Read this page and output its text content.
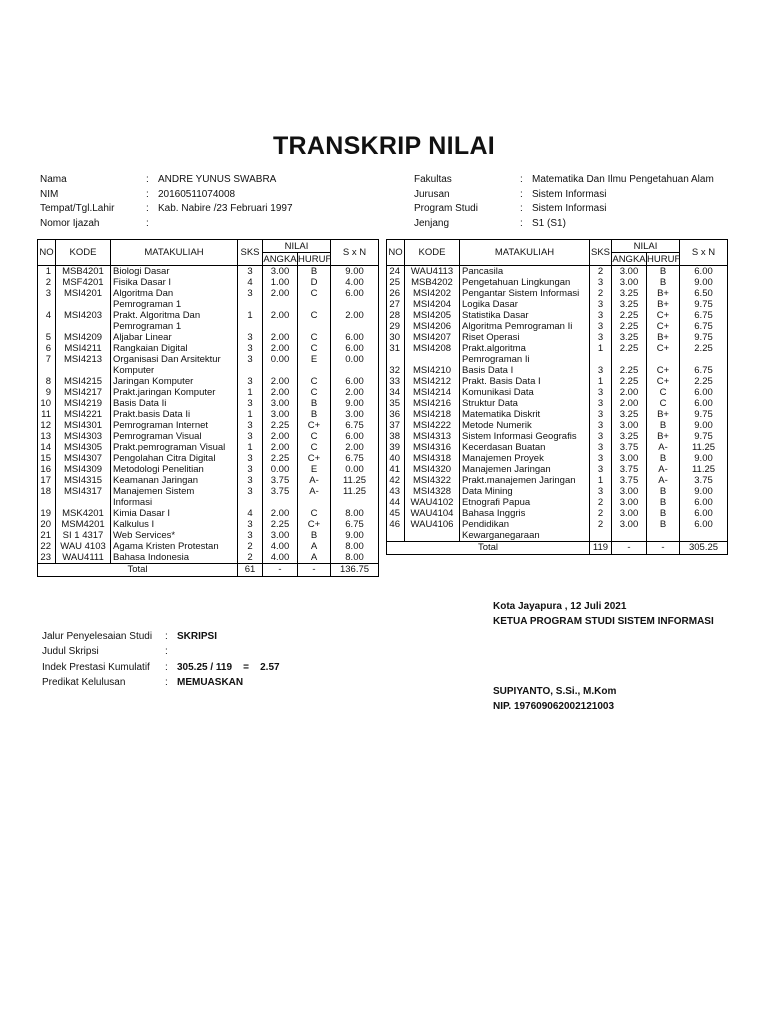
TRANSKRIP NILAI
Nama	: ANDRE YUNUS SWABRA
NIM	: 20160511074008
Tempat/Tgl.Lahir	: Kab. Nabire /23 Februari 1997
Nomor Ijazah	:
Fakultas	: Matematika Dan Ilmu Pengetahuan Alam
Jurusan	: Sistem Informasi
Program Studi	: Sistem Informasi
Jenjang	: S1 (S1)
NO	KODE	MATAKULIAH	SKS	NILAI		S x N
				ANGKA	HURUF	
1	MSB4201	Biologi Dasar	3	3.00	B	9.00
2	MSF4201	Fisika Dasar I	4	1.00	D	4.00
3	MSI4201	Algoritma Dan Pemrograman 1	3	2.00	C	6.00
4	MSI4203	Prakt. Algoritma Dan Pemrograman 1	1	2.00	C	2.00
5	MSI4209	Aljabar Linear	3	2.00	C	6.00
6	MSI4211	Rangkaian Digital	3	2.00	C	6.00
7	MSI4213	Organisasi Dan Arsitektur Komputer	3	0.00	E	0.00
8	MSI4215	Jaringan Komputer	3	2.00	C	6.00
9	MSI4217	Prakt.jaringan Komputer	1	2.00	C	2.00
10	MSI4219	Basis Data Ii	3	3.00	B	9.00
11	MSI4221	Prakt.basis Data Ii	1	3.00	B	3.00
12	MSI4301	Pemrograman Internet	3	2.25	C+	6.75
13	MSI4303	Pemrograman Visual	3	2.00	C	6.00
14	MSI4305	Prakt.pemrograman Visual	1	2.00	C	2.00
15	MSI4307	Pengolahan Citra Digital	3	2.25	C+	6.75
16	MSI4309	Metodologi Penelitian	3	0.00	E	0.00
17	MSI4315	Keamanan Jaringan	3	3.75	A-	11.25
18	MSI4317	Manajemen Sistem Informasi	3	3.75	A-	11.25
19	MSK4201	Kimia Dasar I	4	2.00	C	8.00
20	MSM4201	Kalkulus I	3	2.25	C+	6.75
21	SI 1 4317	Web Services*	3	3.00	B	9.00
22	WAU 4103	Agama Kristen Protestan	2	4.00	A	8.00
23	WAU4111	Bahasa Indonesia	2	4.00	A	8.00
Total			61	-	-	136.75
NO	KODE	MATAKULIAH	SKS	NILAI		S x N
				ANGKA	HURUF	
24	WAU4113	Pancasila	2	3.00	B	6.00
25	MSB4202	Pengetahuan Lingkungan	3	3.00	B	9.00
26	MSI4202	Pengantar Sistem Informasi	2	3.25	B+	6.50
27	MSI4204	Logika Dasar	3	3.25	B+	9.75
28	MSI4205	Statistika Dasar	3	2.25	C+	6.75
29	MSI4206	Algoritma Pemrograman Ii	3	2.25	C+	6.75
30	MSI4207	Riset Operasi	3	3.25	B+	9.75
31	MSI4208	Prakt.algoritma Pemrograman Ii	1	2.25	C+	2.25
32	MSI4210	Basis Data I	3	2.25	C+	6.75
33	MSI4212	Prakt. Basis Data I	1	2.25	C+	2.25
34	MSI4214	Komunikasi Data	3	2.00	C	6.00
35	MSI4216	Struktur Data	3	2.00	C	6.00
36	MSI4218	Matematika Diskrit	3	3.25	B+	9.75
37	MSI4222	Metode Numerik	3	3.00	B	9.00
38	MSI4313	Sistem Informasi Geografis	3	3.25	B+	9.75
39	MSI4316	Kecerdasan Buatan	3	3.75	A-	11.25
40	MSI4318	Manajemen Proyek	3	3.00	B	9.00
41	MSI4320	Manajemen Jaringan	3	3.75	A-	11.25
42	MSI4322	Prakt.manajemen Jaringan	1	3.75	A-	3.75
43	MSI4328	Data Mining	3	3.00	B	9.00
44	WAU4102	Etnografi Papua	2	3.00	B	6.00
45	WAU4104	Bahasa Inggris	2	3.00	B	6.00
46	WAU4106	Pendidikan Kewarganegaraan	2	3.00	B	6.00
Total			119	-	-	305.25
Jalur Penyelesaian Studi	: SKRIPSI
Judul Skripsi	:
Indek Prestasi Kumulatif	: 305.25 / 119    =    2.57
Predikat Kelulusan	: MEMUASKAN
Kota Jayapura , 12 Juli 2021
KETUA PROGRAM STUDI SISTEM INFORMASI
SUPIYANTO, S.Si., M.Kom
NIP. 197609062002121003
